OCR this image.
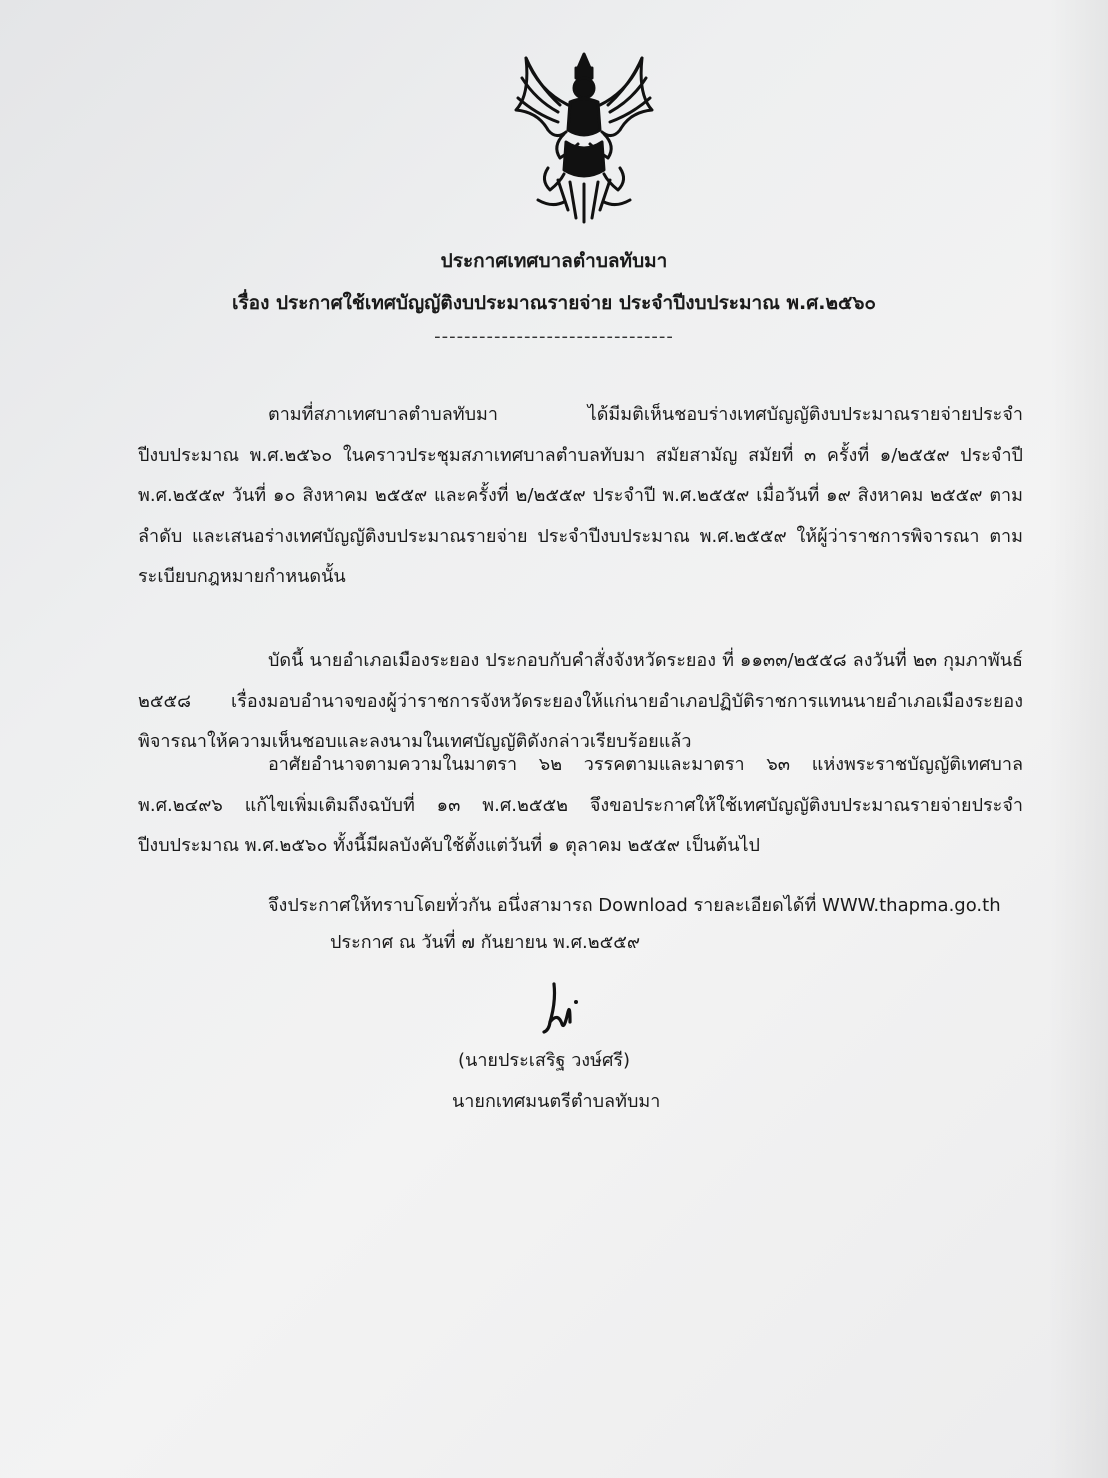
ประกาศเทศบาลตำบลทับมา
เรื่อง ประกาศใช้เทศบัญญัติงบประมาณรายจ่าย ประจำปีงบประมาณ พ.ศ.๒๕๖๐
--------------------------------

ตามที่สภาเทศบาลตำบลทับมา ได้มีมติเห็นชอบร่างเทศบัญญัติงบประมาณรายจ่ายประจำปีงบประมาณ พ.ศ.๒๕๖๐ ในคราวประชุมสภาเทศบาลตำบลทับมา สมัยสามัญ สมัยที่ ๓ ครั้งที่ ๑/๒๕๕๙ ประจำปี พ.ศ.๒๕๕๙ วันที่ ๑๐ สิงหาคม ๒๕๕๙ และครั้งที่ ๒/๒๕๕๙ ประจำปี พ.ศ.๒๕๕๙ เมื่อวันที่ ๑๙ สิงหาคม ๒๕๕๙ ตามลำดับ และเสนอร่างเทศบัญญัติงบประมาณรายจ่าย ประจำปีงบประมาณ พ.ศ.๒๕๕๙ ให้ผู้ว่าราชการพิจารณา ตามระเบียบกฎหมายกำหนดนั้น

บัดนี้ นายอำเภอเมืองระยอง ประกอบกับคำสั่งจังหวัดระยอง ที่ ๑๑๓๓/๒๕๕๘ ลงวันที่ ๒๓ กุมภาพันธ์ ๒๕๕๘ เรื่องมอบอำนาจของผู้ว่าราชการจังหวัดระยองให้แก่นายอำเภอปฏิบัติราชการแทนนายอำเภอเมืองระยอง พิจารณาให้ความเห็นชอบและลงนามในเทศบัญญัติดังกล่าวเรียบร้อยแล้ว

อาศัยอำนาจตามความในมาตรา ๖๒ วรรคตามและมาตรา ๖๓ แห่งพระราชบัญญัติเทศบาล พ.ศ.๒๔๙๖ แก้ไขเพิ่มเติมถึงฉบับที่ ๑๓ พ.ศ.๒๕๕๒ จึงขอประกาศให้ใช้เทศบัญญัติงบประมาณรายจ่ายประจำปีงบประมาณ พ.ศ.๒๕๖๐ ทั้งนี้มีผลบังคับใช้ตั้งแต่วันที่ ๑ ตุลาคม ๒๕๕๙ เป็นต้นไป

จึงประกาศให้ทราบโดยทั่วกัน อนึ่งสามารถ Download รายละเอียดได้ที่ WWW.thapma.go.th

ประกาศ ณ วันที่ ๗ กันยายน พ.ศ.๒๕๕๙
(นายประเสริฐ วงษ์ศรี)
นายกเทศมนตรีตำบลทับมา
